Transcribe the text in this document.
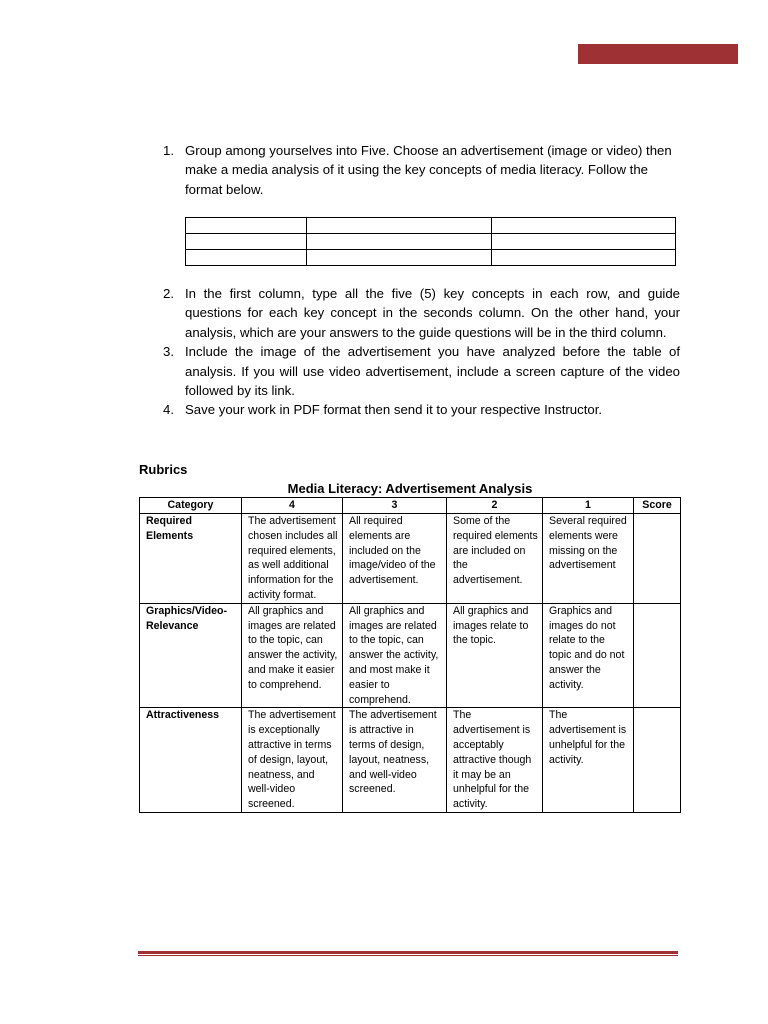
1. Group among yourselves into Five. Choose an advertisement (image or video) then make a media analysis of it using the key concepts of media literacy. Follow the format below.

2. In the first column, type all the five (5) key concepts in each row, and guide questions for each key concept in the seconds column. On the other hand, your analysis, which are your answers to the guide questions will be in the third column.
3. Include the image of the advertisement you have analyzed before the table of analysis. If you will use video advertisement, include a screen capture of the video followed by its link.
4. Save your work in PDF format then send it to your respective Instructor.
Rubrics
Media Literacy: Advertisement Analysis
Category	4	3	2	1	Score
Required Elements	The advertisement chosen includes all required elements, as well additional information for the activity format.	All required elements are included on the image/video of the advertisement.	Some of the required elements are included on the advertisement.	Several required elements were missing on the advertisement	
Graphics/Video-Relevance	All graphics and images are related to the topic, can answer the activity, and make it easier to comprehend.	All graphics and images are related to the topic, can answer the activity, and most make it easier to comprehend.	All graphics and images relate to the topic.	Graphics and images do not relate to the topic and do not answer the activity.	
Attractiveness	The advertisement is exceptionally attractive in terms of design, layout, neatness, and well-video screened.	The advertisement is attractive in terms of design, layout, neatness, and well-video screened.	The advertisement is acceptably attractive though it may be an unhelpful for the activity.	The advertisement is unhelpful for the activity.	
